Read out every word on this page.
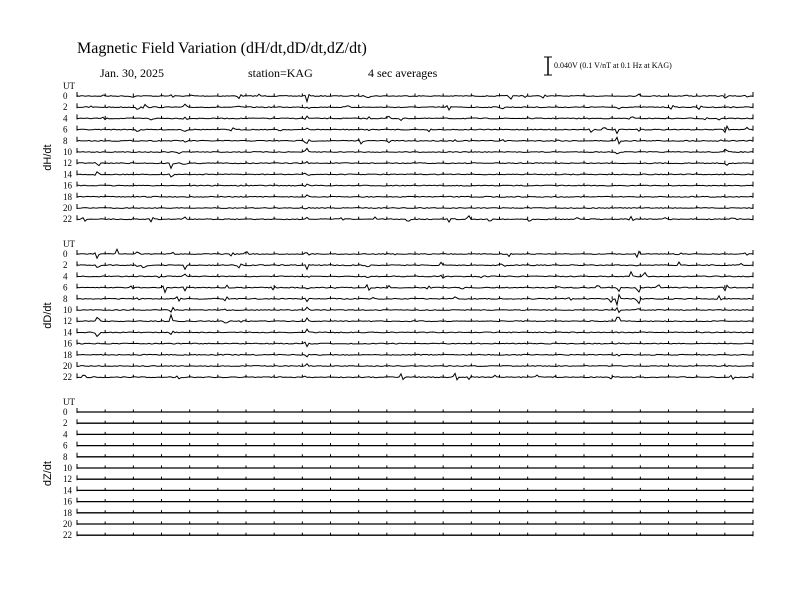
Magnetic Field Variation (dH/dt,dD/dt,dZ/dt)
Jan. 30, 2025	station=KAG	4 sec averages
0.040V (0.1 V/nT at 0.1 Hz at KAG)
UT
dH/dt
0
2
4
6
8
10
12
14
16
18
20
22
UT
dD/dt
0
2
4
6
8
10
12
14
16
18
20
22
UT
dZ/dt
0
2
4
6
8
10
12
14
16
18
20
22
